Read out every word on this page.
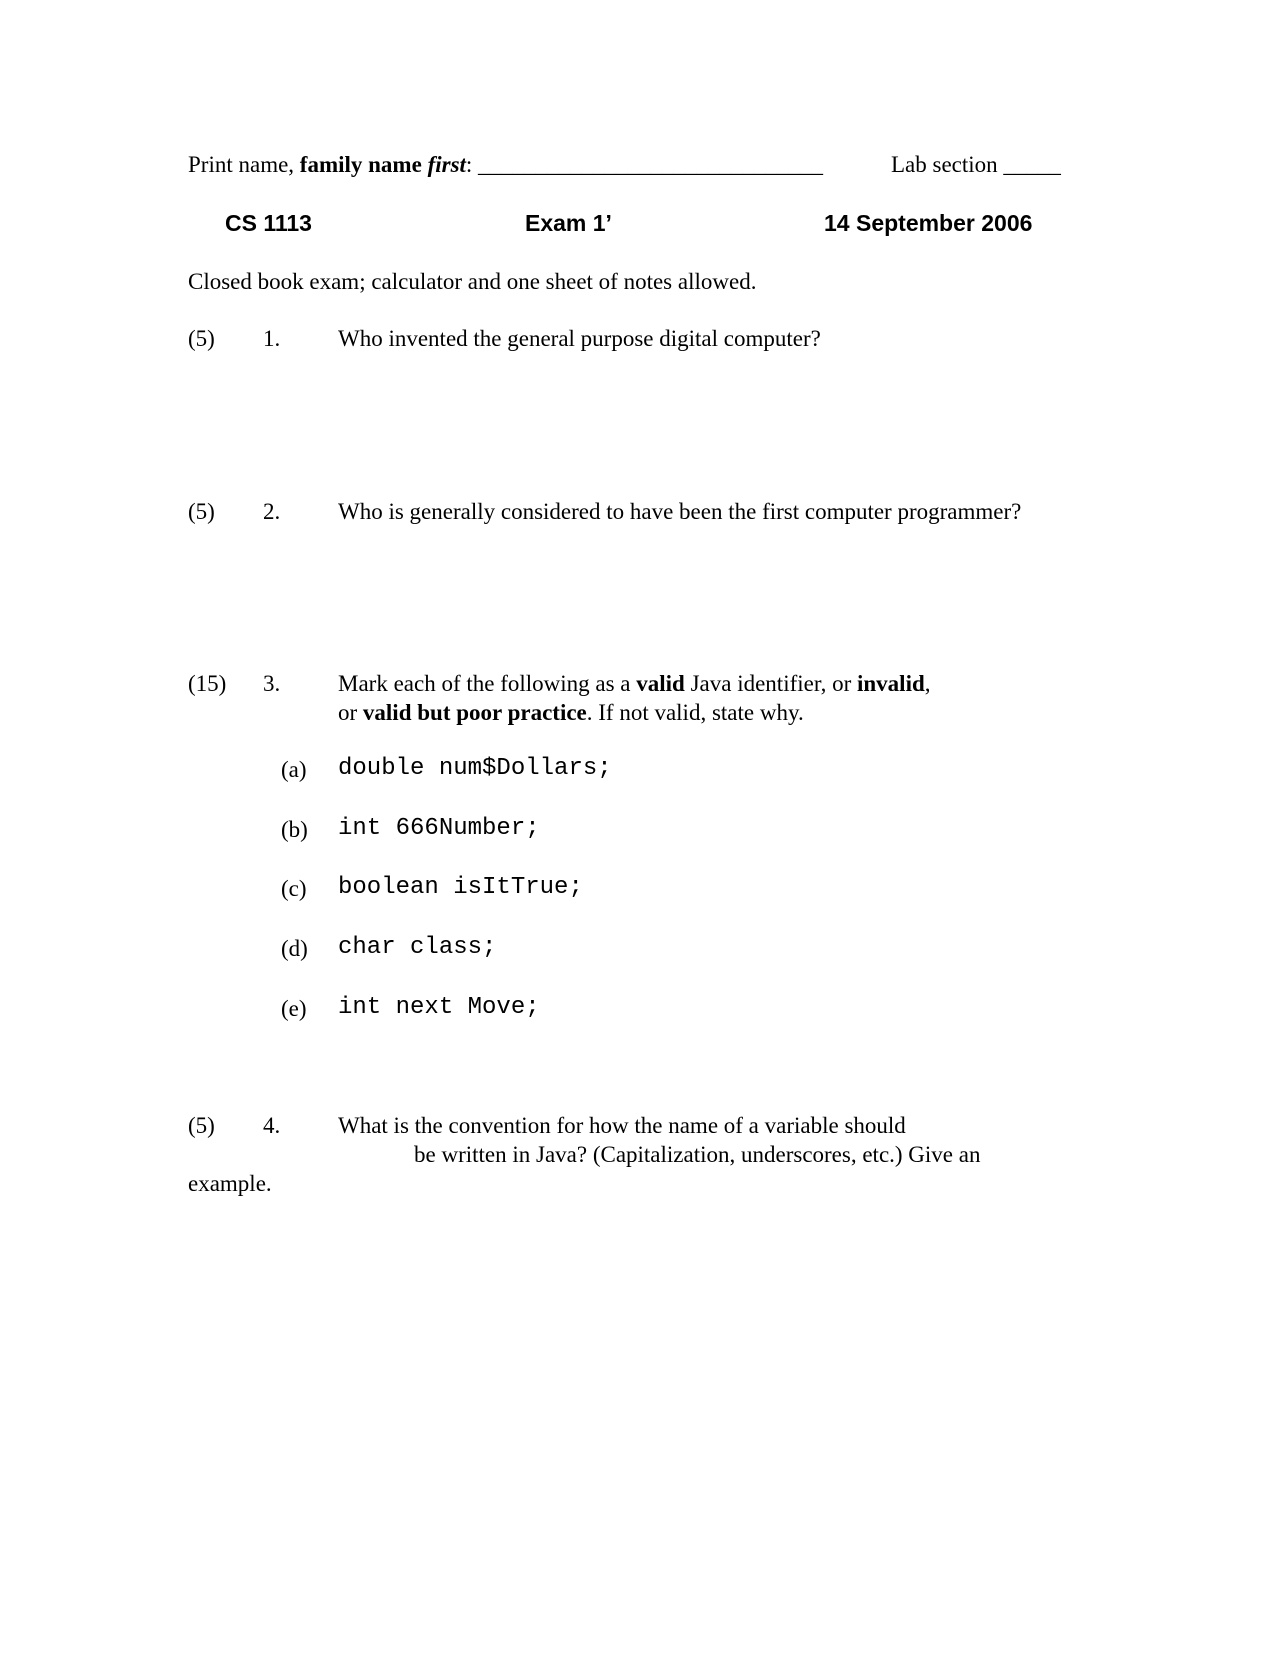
Print name, family name first: ______________________________	Lab section _____
CS 1113	Exam 1’	14 September 2006
Closed book exam; calculator and one sheet of notes allowed.
(5) 1.	Who invented the general purpose digital computer?
(5) 2.	Who is generally considered to have been the first computer programmer?
(15) 3.	Mark each of the following as a valid Java identifier, or invalid,
or valid but poor practice. If not valid, state why.
(a) double num$Dollars;
(b) int 666Number;
(c) boolean isItTrue;
(d) char class;
(e) int next Move;
(5) 4.	What is the convention for how the name of a variable should
be written in Java? (Capitalization, underscores, etc.) Give an
example.
